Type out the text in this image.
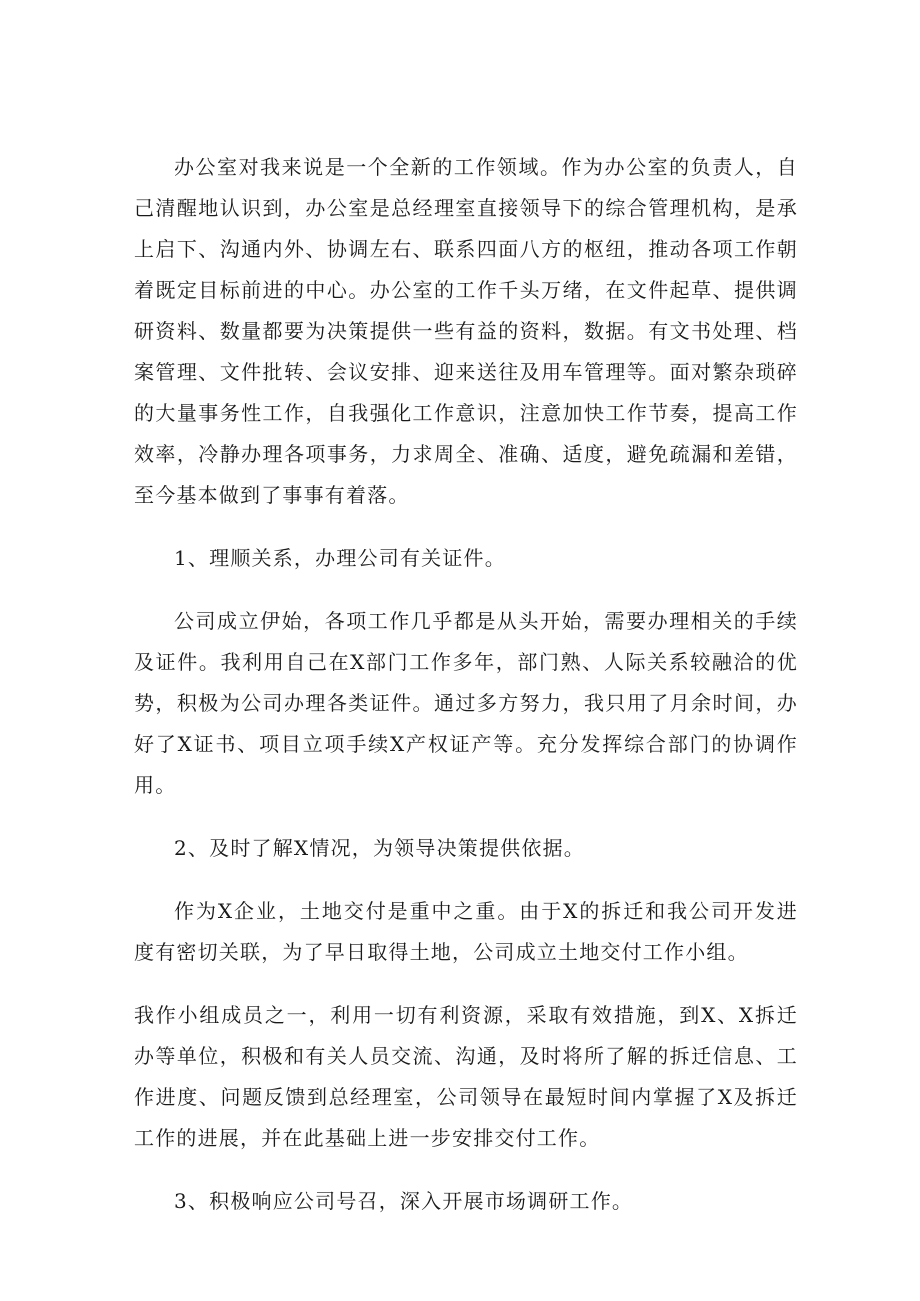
办公室对我来说是一个全新的工作领域。作为办公室的负责人，自己清醒地认识到，办公室是总经理室直接领导下的综合管理机构，是承上启下、沟通内外、协调左右、联系四面八方的枢纽，推动各项工作朝着既定目标前进的中心。办公室的工作千头万绪，在文件起草、提供调研资料、数量都要为决策提供一些有益的资料，数据。有文书处理、档案管理、文件批转、会议安排、迎来送往及用车管理等。面对繁杂琐碎的大量事务性工作，自我强化工作意识，注意加快工作节奏，提高工作效率，冷静办理各项事务，力求周全、准确、适度，避免疏漏和差错，至今基本做到了事事有着落。

1、理顺关系，办理公司有关证件。

公司成立伊始，各项工作几乎都是从头开始，需要办理相关的手续及证件。我利用自己在X部门工作多年，部门熟、人际关系较融洽的优势，积极为公司办理各类证件。通过多方努力，我只用了月余时间，办好了X证书、项目立项手续X产权证产等。充分发挥综合部门的协调作用。

2、及时了解X情况，为领导决策提供依据。

作为X企业，土地交付是重中之重。由于X的拆迁和我公司开发进度有密切关联，为了早日取得土地，公司成立土地交付工作小组。

我作小组成员之一，利用一切有利资源，采取有效措施，到X、X拆迁办等单位，积极和有关人员交流、沟通，及时将所了解的拆迁信息、工作进度、问题反馈到总经理室，公司领导在最短时间内掌握了X及拆迁工作的进展，并在此基础上进一步安排交付工作。

3、积极响应公司号召，深入开展市场调研工作。
